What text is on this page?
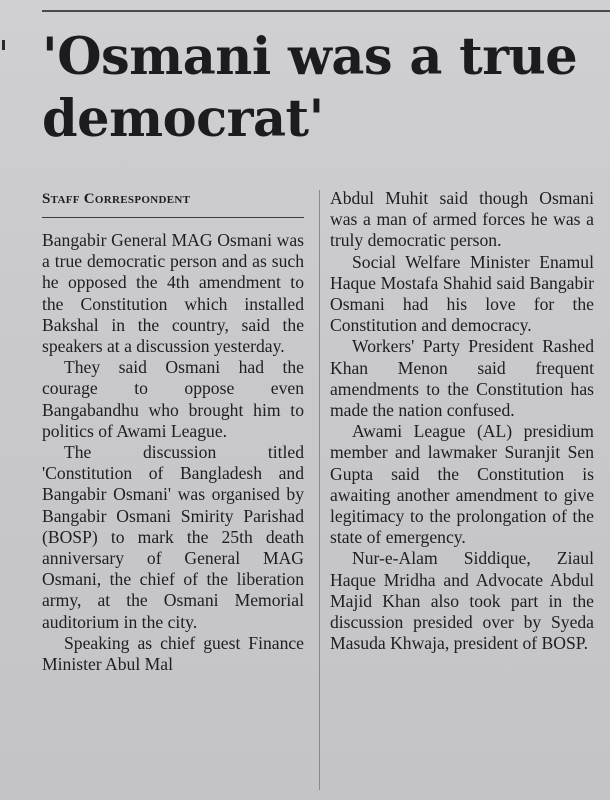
'Osmani was a true democrat'
Staff Correspondent

Bangabir General MAG Osmani was a true democratic person and as such he opposed the 4th amendment to the Constitution which installed Bakshal in the country, said the speakers at a discussion yesterday.

They said Osmani had the courage to oppose even Bangabandhu who brought him to politics of Awami League.

The discussion titled 'Constitution of Bangladesh and Bangabir Osmani' was organised by Bangabir Osmani Smirity Parishad (BOSP) to mark the 25th death anniversary of General MAG Osmani, the chief of the liberation army, at the Osmani Memorial auditorium in the city.

Speaking as chief guest Finance Minister Abul Mal

Abdul Muhit said though Osmani was a man of armed forces he was a truly democratic person.

Social Welfare Minister Enamul Haque Mostafa Shahid said Bangabir Osmani had his love for the Constitution and democracy.

Workers' Party President Rashed Khan Menon said frequent amendments to the Constitution has made the nation confused.

Awami League (AL) presidium member and lawmaker Suranjit Sen Gupta said the Constitution is awaiting another amendment to give legitimacy to the prolongation of the state of emergency.

Nur-e-Alam Siddique, Ziaul Haque Mridha and Advocate Abdul Majid Khan also took part in the discussion presided over by Syeda Masuda Khwaja, president of BOSP.
